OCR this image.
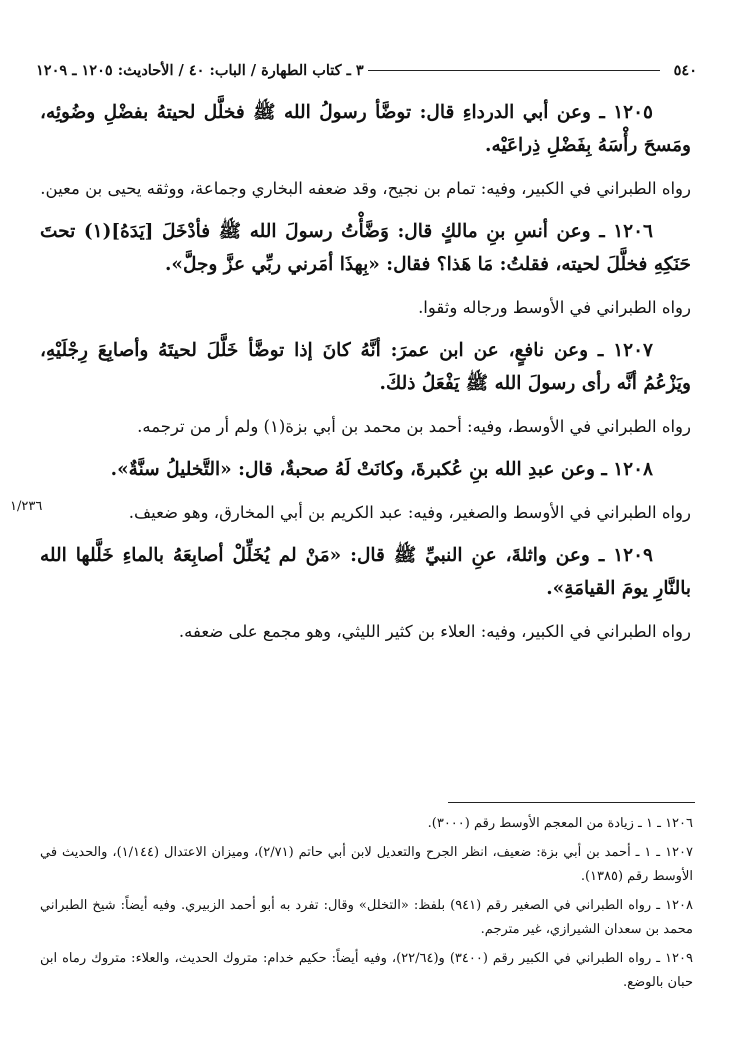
٥٤٠
٣ ـ كتاب الطهارة / الباب: ٤٠ / الأحاديث: ١٢٠٥ ـ ١٢٠٩

١٢٠٥ ـ وعن أبي الدرداءِ قال: توضَّأ رسولُ الله ﷺ فخلَّل لحيتهُ بفضْلِ وضُوئِه، ومَسحَ رأْسَهُ بِفَضْلِ ذِراعَيْه.

رواه الطبراني في الكبير، وفيه: تمام بن نجيح، وقد ضعفه البخاري وجماعة، ووثقه يحيى بن معين.

١٢٠٦ ـ وعن أنسِ بنِ مالكٍ قال: وَضَّأْتُ رسولَ الله ﷺ فأدْخَلَ [يَدَهُ](١) تحتَ حَنَكِهِ فخلَّلَ لحيته، فقلتُ: مَا هَذا؟ فقال: «بِهذَا أمَرني ربِّي عزَّ وجلَّ».

رواه الطبراني في الأوسط ورجاله وثقوا.

١٢٠٧ ـ وعن نافعٍ، عن ابن عمرَ: أنَّهُ كانَ إذا توضَّأ خَلَّلَ لحيتَهُ وأصابِعَ رِجْلَيْهِ، ويَزْعُمُ أنَّه رأى رسولَ الله ﷺ يَفْعَلُ ذلكَ.

رواه الطبراني في الأوسط، وفيه: أحمد بن محمد بن أبي بزة(١) ولم أر من ترجمه.

١٢٠٨ ـ وعن عبدِ الله بنِ عُكبرةَ، وكانَتْ لَهُ صحبةٌ، قال: «التَّخليلُ سنَّةٌ».

رواه الطبراني في الأوسط والصغير، وفيه: عبد الكريم بن أبي المخارق، وهو ضعيف.

١٢٠٩ ـ وعن واثلةَ، عنِ النبيِّ ﷺ قال: «مَنْ لم يُخَلِّلْ أصابِعَهُ بالماءِ خَلَّلها الله بالنَّارِ يومَ القيامَةِ».

رواه الطبراني في الكبير، وفيه: العلاء بن كثير الليثي، وهو مجمع على ضعفه.

١/٢٣٦

١٢٠٦ ـ ١ ـ زيادة من المعجم الأوسط رقم (٣٠٠٠).

١٢٠٧ ـ ١ ـ أحمد بن أبي بزة: ضعيف، انظر الجرح والتعديل لابن أبي حاتم (٢/٧١)، وميزان الاعتدال (١/١٤٤)، والحديث في الأوسط رقم (١٣٨٥).

١٢٠٨ ـ رواه الطبراني في الصغير رقم (٩٤١) بلفظ: «التخلل» وقال: تفرد به أبو أحمد الزبيري. وفيه أيضاً: شيخ الطبراني محمد بن سعدان الشيرازي، غير مترجم.

١٢٠٩ ـ رواه الطبراني في الكبير رقم (٣٤٠٠) و(٢٢/٦٤)، وفيه أيضاً: حكيم خدام: متروك الحديث، والعلاء: متروك رماه ابن حبان بالوضع.
